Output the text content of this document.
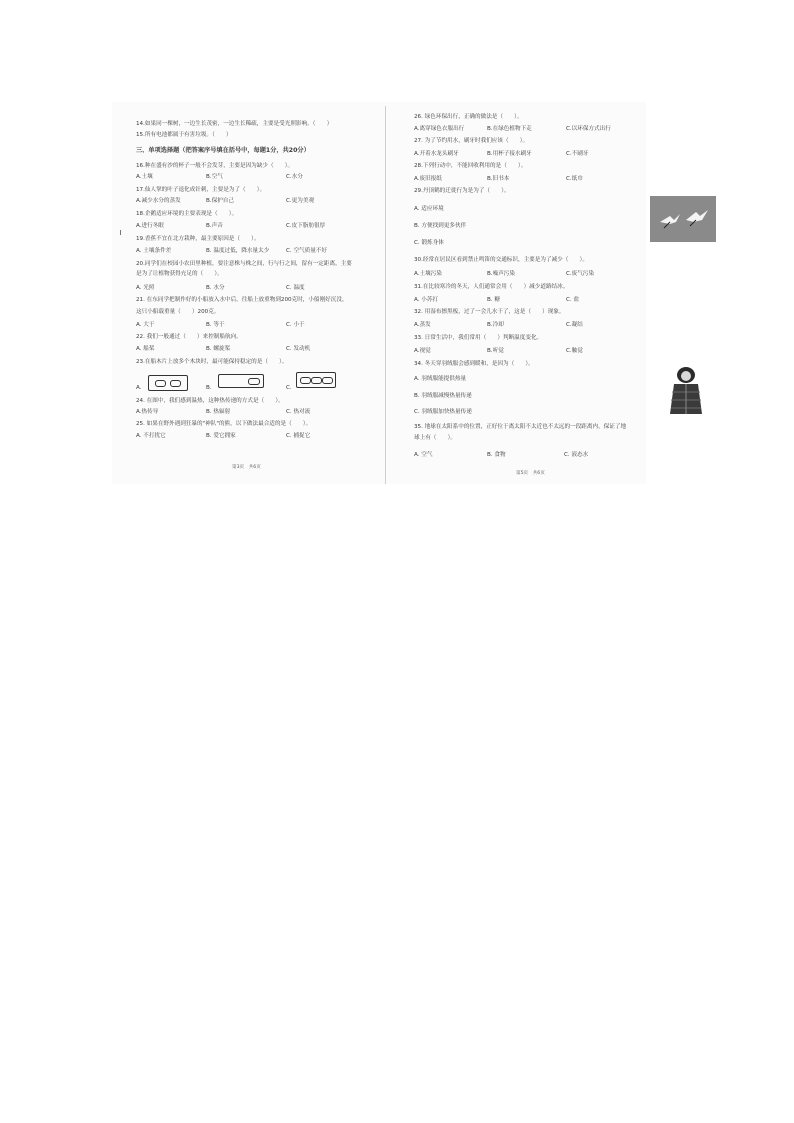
14.如果同一棵树，一边生长茂密，一边生长稀疏，主要是受光照影响。（　　）
15.所有电池都属于有害垃圾。（　　）
三、单项选择题（把答案序号填在括号中，每题1分，共20分）
16.种在盛有沙的杯子一般不会发芽，主要是因为缺少（　　）。
A.土壤	B.空气	C.水分
17.仙人掌的叶子退化成针刺，主要是为了（　　）。
A.减少水分的蒸发	B.保护自己	C.更为美观
18.企鹅适应环境的主要表现是（　　）。
A.进行冬眠	B.声音	C.皮下脂肪很厚
19.香蕉不宜在北方栽种，最主要原因是（　　）。
A. 土壤条件差	B. 温度过低，降水量太少	C. 空气质量不好
20.同学们在校园小农田里种植，要注意株与株之间，行与行之间，留有一定距离，主要
是为了让植物获得充足的（　　）。
A. 光照	B. 水分	C. 温度
21. 在东同学把制作好的小船放入水中后，往船上放重物到200克时，小船刚好沉没，
这只小船载重量（　　）200克。
A. 大于	B. 等于	C. 小于
22. 我们一般通过（　　）来控制船航向。
A. 船桨	B. 螺旋桨	C. 发动机
23.在船木片上放多个木块时，最可能保持稳定的是（　　）。
A.	B.	C.
24. 在图中，我们感到温热，这种热传递的方式是（　　）。
A.热传导	B. 热辐射	C. 热对流
25. 如果在野外遇到狂暴的"神队"的熊，以下做法最合适的是（　　）。
A. 不打扰它	B. 爱它拥家	C. 捕捉它
第3页　共6页
26. 绿色环保出行，正确的做法是（　　）。
A.离穿绿色衣服出行	B.在绿色植物下走	C.以环保方式出行
27. 为了节约用水，刷牙时我们应该（　　）。
A.开着水龙头刷牙	B.用杯子接水刷牙	C.不刷牙
28.下列行动中，不能回收利用的是（　　）。
A.废旧报纸	B.旧书本	C.纸巾
29.丹顶鹤的迁徙行为是为了（　　）。
A. 适应环境
B. 方便找到更多伙伴
C. 锻炼身体
30.经常在居民区看到禁止鸣笛的交通标识，主要是为了减少（　　）。
A.土壤污染	B.噪声污染	C.废气污染
31.在比较寒冷的冬天，人们通常会用（　　）减少道路结冰。
A. 小苏打	B. 糖	C. 盐
32. 用湿布擦黑板，过了一会儿水干了，这是（　　）现象。
A.蒸发	B.冷却	C.凝结
33. 日常生活中，我们常用（　　）判断温度变化。
A.视觉	B.听觉	C.触觉
34. 冬天穿羽绒服会感到暖和，是因为（　　）。
A. 羽绒服能提供热量
B. 羽绒服减慢热量传递
C. 羽绒服加快热量传递
35. 地球在太阳系中的位置，正好位于离太阳不太近也不太远的一段距离内，保证了地
球上有（　　）。
A. 空气	B. 食物	C. 液态水
第5页　共6页
